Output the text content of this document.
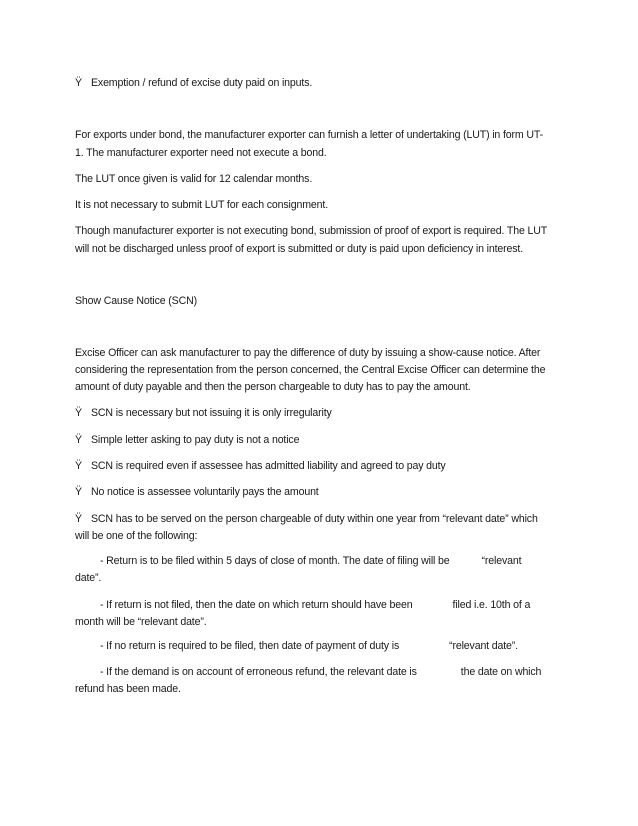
Ÿ Exemption / refund of excise duty paid on inputs.
For exports under bond, the manufacturer exporter can furnish a letter of undertaking (LUT) in form UT-
1. The manufacturer exporter need not execute a bond.
The LUT once given is valid for 12 calendar months.
It is not necessary to submit LUT for each consignment.
Though manufacturer exporter is not executing bond, submission of proof of export is required. The LUT
will not be discharged unless proof of export is submitted or duty is paid upon deficiency in interest.
Show Cause Notice (SCN)
Excise Officer can ask manufacturer to pay the difference of duty by issuing a show-cause notice. After
considering the representation from the person concerned, the Central Excise Officer can determine the
amount of duty payable and then the person chargeable to duty has to pay the amount.
Ÿ SCN is necessary but not issuing it is only irregularity
Ÿ Simple letter asking to pay duty is not a notice
Ÿ SCN is required even if assessee has admitted liability and agreed to pay duty
Ÿ No notice is assessee voluntarily pays the amount
Ÿ SCN has to be served on the person chargeable of duty within one year from “relevant date” which
will be one of the following:
- Return is to be filed within 5 days of close of month. The date of filing will be	“relevant
date”.
- If return is not filed, then the date on which return should have been	filed i.e. 10th of a
month will be “relevant date”.
- If no return is required to be filed, then date of payment of duty is	“relevant date”.
- If the demand is on account of erroneous refund, the relevant date is	the date on which
refund has been made.
